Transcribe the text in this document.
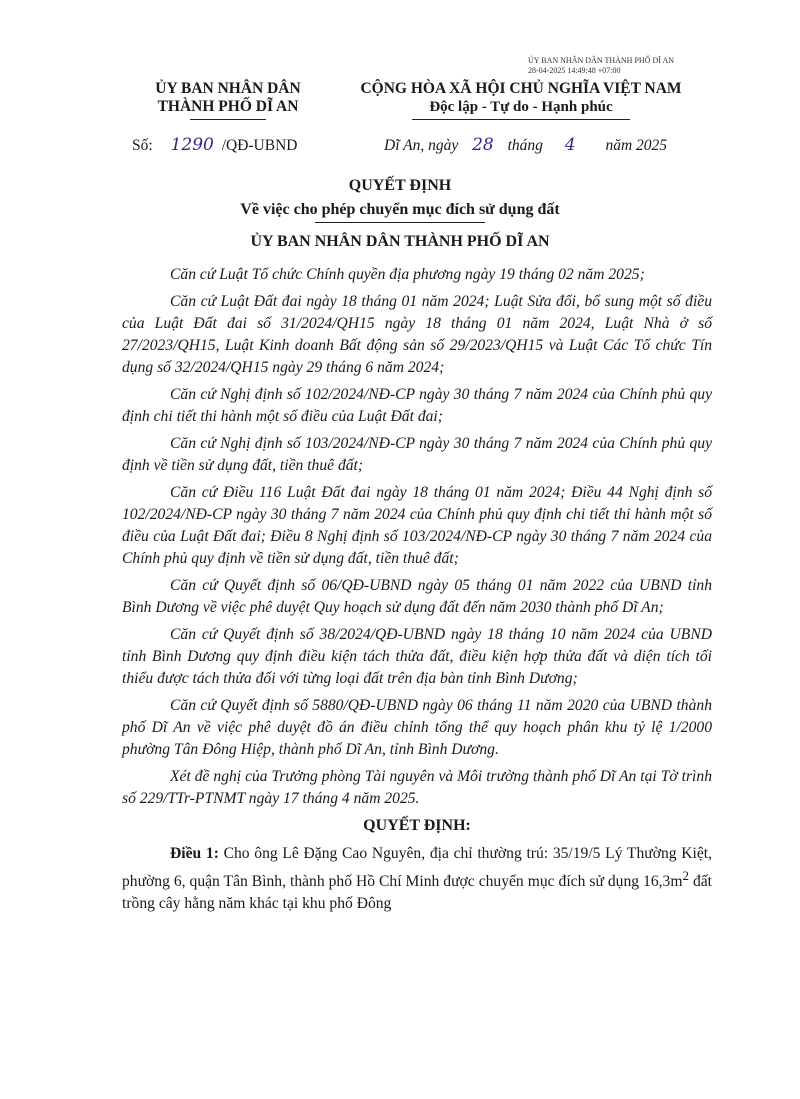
ỦY BAN NHÂN DÂN THÀNH PHỐ DĨ AN
28-04-2025 14:49:48 +07:00
ỦY BAN NHÂN DÂN
THÀNH PHỐ DĨ AN
CỘNG HÒA XÃ HỘI CHỦ NGHĨA VIỆT NAM
Độc lập - Tự do - Hạnh phúc
Số: 1290 /QĐ-UBND	Dĩ An, ngày 28 tháng 4 năm 2025
QUYẾT ĐỊNH
Về việc cho phép chuyển mục đích sử dụng đất
ỦY BAN NHÂN DÂN THÀNH PHỐ DĨ AN

Căn cứ Luật Tổ chức Chính quyền địa phương ngày 19 tháng 02 năm 2025;

Căn cứ Luật Đất đai ngày 18 tháng 01 năm 2024; Luật Sửa đổi, bổ sung một số điều của Luật Đất đai số 31/2024/QH15 ngày 18 tháng 01 năm 2024, Luật Nhà ở số 27/2023/QH15, Luật Kinh doanh Bất động sản số 29/2023/QH15 và Luật Các Tổ chức Tín dụng số 32/2024/QH15 ngày 29 tháng 6 năm 2024;

Căn cứ Nghị định số 102/2024/NĐ-CP ngày 30 tháng 7 năm 2024 của Chính phủ quy định chi tiết thi hành một số điều của Luật Đất đai;

Căn cứ Nghị định số 103/2024/NĐ-CP ngày 30 tháng 7 năm 2024 của Chính phủ quy định về tiền sử dụng đất, tiền thuê đất;

Căn cứ Điều 116 Luật Đất đai ngày 18 tháng 01 năm 2024; Điều 44 Nghị định số 102/2024/NĐ-CP ngày 30 tháng 7 năm 2024 của Chính phủ quy định chi tiết thi hành một số điều của Luật Đất đai; Điều 8 Nghị định số 103/2024/NĐ-CP ngày 30 tháng 7 năm 2024 của Chính phủ quy định về tiền sử dụng đất, tiền thuê đất;

Căn cứ Quyết định số 06/QĐ-UBND ngày 05 tháng 01 năm 2022 của UBND tỉnh Bình Dương về việc phê duyệt Quy hoạch sử dụng đất đến năm 2030 thành phố Dĩ An;

Căn cứ Quyết định số 38/2024/QĐ-UBND ngày 18 tháng 10 năm 2024 của UBND tỉnh Bình Dương quy định điều kiện tách thửa đất, điều kiện hợp thửa đất và diện tích tối thiểu được tách thửa đối với từng loại đất trên địa bàn tỉnh Bình Dương;

Căn cứ Quyết định số 5880/QĐ-UBND ngày 06 tháng 11 năm 2020 của UBND thành phố Dĩ An về việc phê duyệt đồ án điều chỉnh tổng thể quy hoạch phân khu tỷ lệ 1/2000 phường Tân Đông Hiệp, thành phố Dĩ An, tỉnh Bình Dương.

Xét đề nghị của Trưởng phòng Tài nguyên và Môi trường thành phố Dĩ An tại Tờ trình số 229/TTr-PTNMT ngày 17 tháng 4 năm 2025.

QUYẾT ĐỊNH:

Điều 1: Cho ông Lê Đặng Cao Nguyên, địa chỉ thường trú: 35/19/5 Lý Thường Kiệt, phường 6, quận Tân Bình, thành phố Hồ Chí Minh được chuyển mục đích sử dụng $16,3m^2$ đất trồng cây hằng năm khác tại khu phố Đông
